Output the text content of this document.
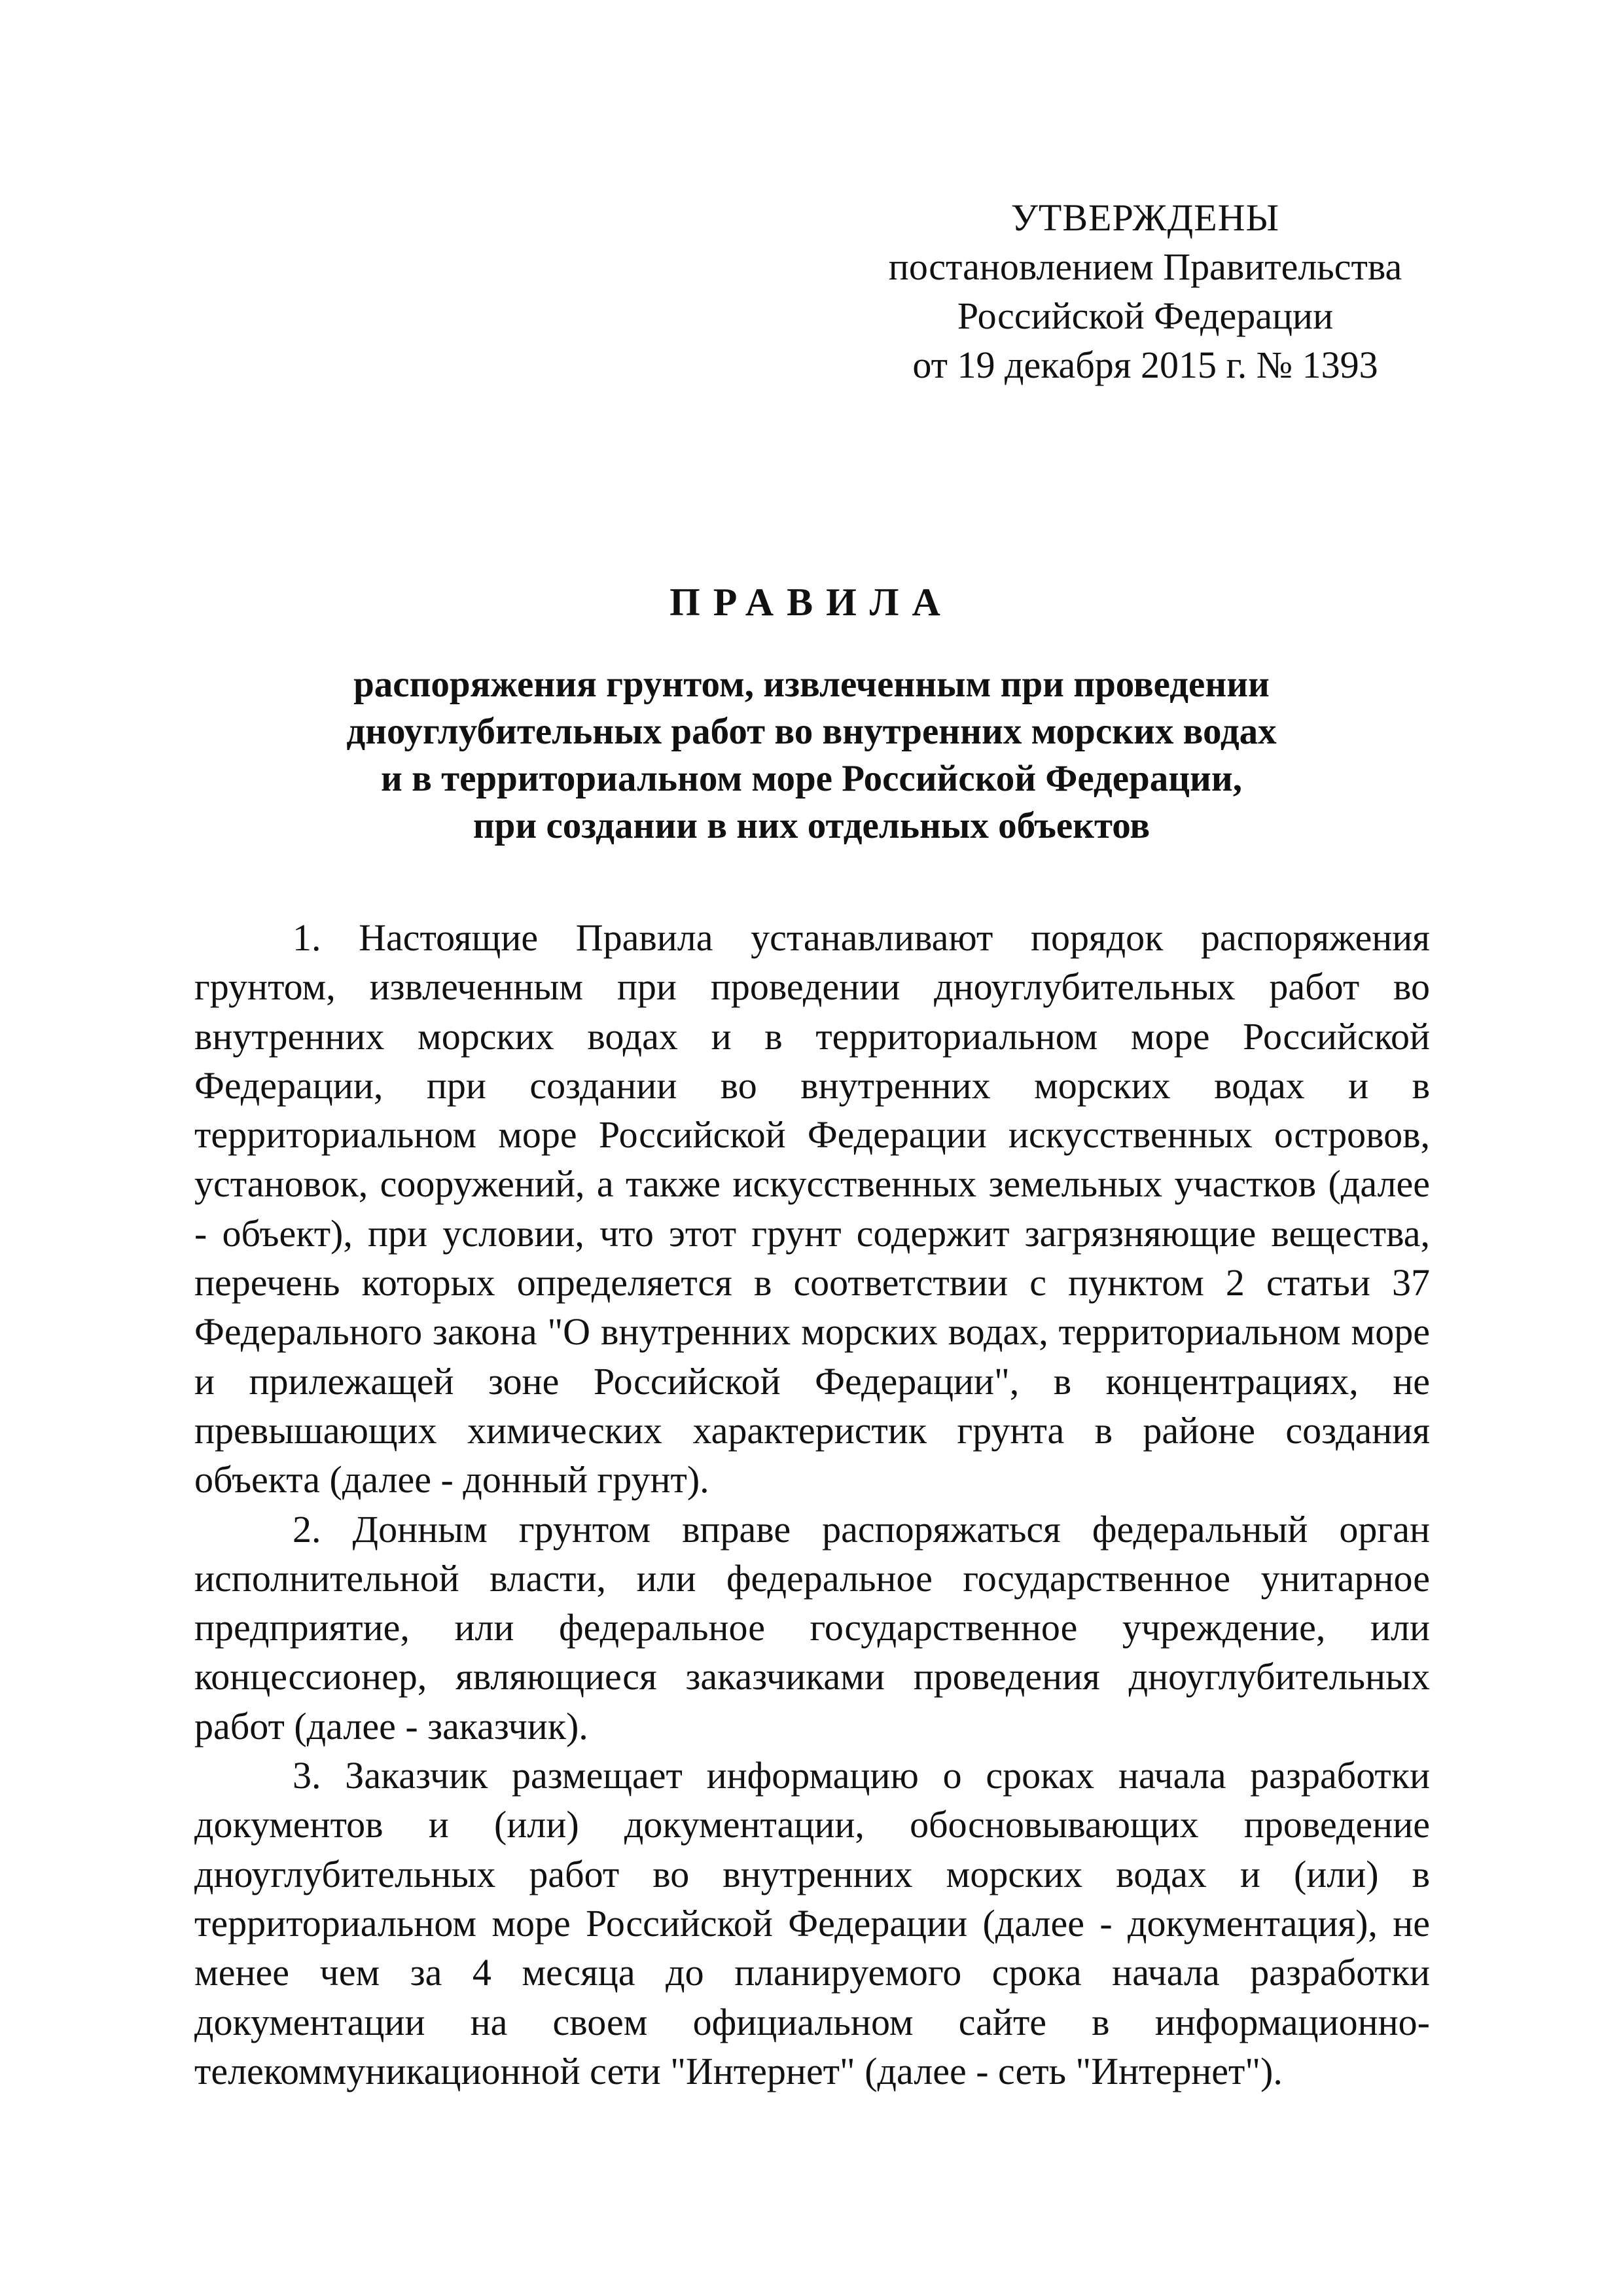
УТВЕРЖДЕНЫ
постановлением Правительства
Российской Федерации
от 19 декабря 2015 г. № 1393
ПРАВИЛА
распоряжения грунтом, извлеченным при проведении
дноуглубительных работ во внутренних морских водах
и в территориальном море Российской Федерации,
при создании в них отдельных объектов

1. Настоящие Правила устанавливают порядок распоряжения грунтом, извлеченным при проведении дноуглубительных работ во внутренних морских водах и в территориальном море Российской Федерации, при создании во внутренних морских водах и в территориальном море Российской Федерации искусственных островов, установок, сооружений, а также искусственных земельных участков (далее - объект), при условии, что этот грунт содержит загрязняющие вещества, перечень которых определяется в соответствии с пунктом 2 статьи 37 Федерального закона "О внутренних морских водах, территориальном море и прилежащей зоне Российской Федерации", в концентрациях, не превышающих химических характеристик грунта в районе создания объекта (далее - донный грунт).

2. Донным грунтом вправе распоряжаться федеральный орган исполнительной власти, или федеральное государственное унитарное предприятие, или федеральное государственное учреждение, или концессионер, являющиеся заказчиками проведения дноуглубительных работ (далее - заказчик).

3. Заказчик размещает информацию о сроках начала разработки документов и (или) документации, обосновывающих проведение дноуглубительных работ во внутренних морских водах и (или) в территориальном море Российской Федерации (далее - документация), не менее чем за 4 месяца до планируемого срока начала разработки документации на своем официальном сайте в информационно-телекоммуникационной сети "Интернет" (далее - сеть "Интернет").
